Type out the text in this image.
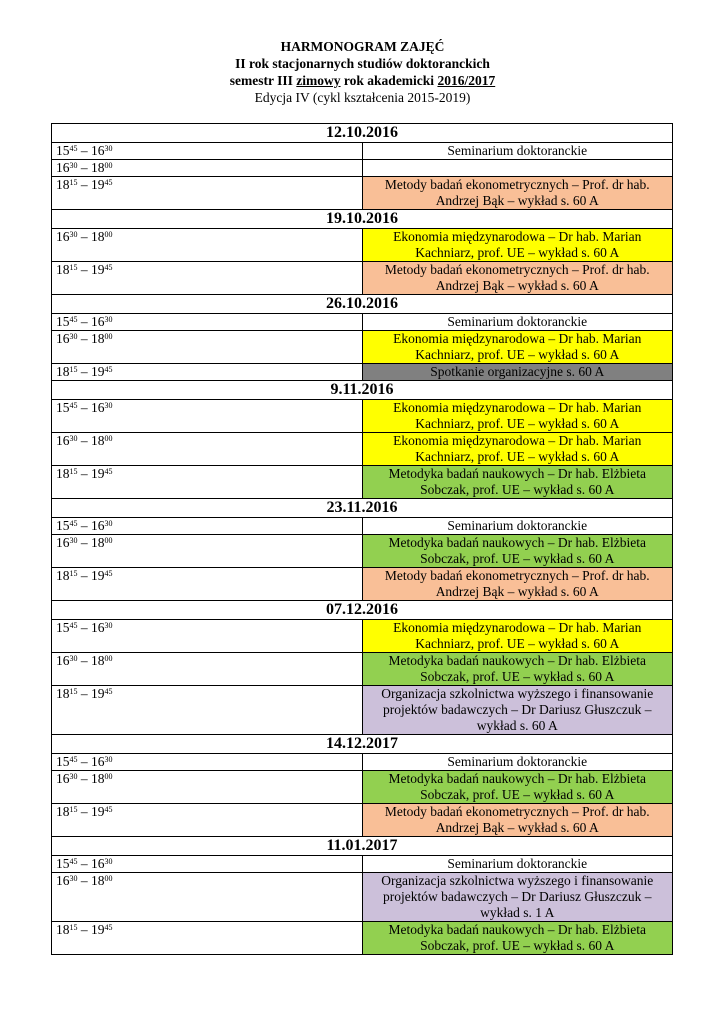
HARMONOGRAM ZAJĘĆ
II rok stacjonarnych studiów doktoranckich
semestr III zimowy rok akademicki 2016/2017
Edycja IV (cykl kształcenia 2015-2019)
12.10.2016	
$15^{45} - 16^{30}$	Seminarium doktoranckie
$16^{30} - 18^{00}$	
$18^{15} - 19^{45}$	Metody badań ekonometrycznych – Prof. dr hab. Andrzej Bąk – wykład s. 60 A
19.10.2016	
$16^{30} - 18^{00}$	Ekonomia międzynarodowa – Dr hab. Marian Kachniarz, prof. UE – wykład s. 60 A
$18^{15} - 19^{45}$	Metody badań ekonometrycznych – Prof. dr hab. Andrzej Bąk – wykład s. 60 A
26.10.2016	
$15^{45} - 16^{30}$	Seminarium doktoranckie
$16^{30} - 18^{00}$	Ekonomia międzynarodowa – Dr hab. Marian Kachniarz, prof. UE – wykład s. 60 A
$18^{15} - 19^{45}$	Spotkanie organizacyjne s. 60 A
9.11.2016	
$15^{45} - 16^{30}$	Ekonomia międzynarodowa – Dr hab. Marian Kachniarz, prof. UE – wykład s. 60 A
$16^{30} - 18^{00}$	Ekonomia międzynarodowa – Dr hab. Marian Kachniarz, prof. UE – wykład s. 60 A
$18^{15} - 19^{45}$	Metodyka badań naukowych – Dr hab. Elżbieta Sobczak, prof. UE – wykład s. 60 A
23.11.2016	
$15^{45} - 16^{30}$	Seminarium doktoranckie
$16^{30} - 18^{00}$	Metodyka badań naukowych – Dr hab. Elżbieta Sobczak, prof. UE – wykład s. 60 A
$18^{15} - 19^{45}$	Metody badań ekonometrycznych – Prof. dr hab. Andrzej Bąk – wykład s. 60 A
07.12.2016	
$15^{45} - 16^{30}$	Ekonomia międzynarodowa – Dr hab. Marian Kachniarz, prof. UE – wykład s. 60 A
$16^{30} - 18^{00}$	Metodyka badań naukowych – Dr hab. Elżbieta Sobczak, prof. UE – wykład s. 60 A
$18^{15} - 19^{45}$	Organizacja szkolnictwa wyższego i finansowanie projektów badawczych – Dr Dariusz Głuszczuk – wykład s. 60 A
14.12.2017	
$15^{45} - 16^{30}$	Seminarium doktoranckie
$16^{30} - 18^{00}$	Metodyka badań naukowych – Dr hab. Elżbieta Sobczak, prof. UE – wykład s. 60 A
$18^{15} - 19^{45}$	Metody badań ekonometrycznych – Prof. dr hab. Andrzej Bąk – wykład s. 60 A
11.01.2017	
$15^{45} - 16^{30}$	Seminarium doktoranckie
$16^{30} - 18^{00}$	Organizacja szkolnictwa wyższego i finansowanie projektów badawczych – Dr Dariusz Głuszczuk – wykład s. 1 A
$18^{15} - 19^{45}$	Metodyka badań naukowych – Dr hab. Elżbieta Sobczak, prof. UE – wykład s. 60 A
